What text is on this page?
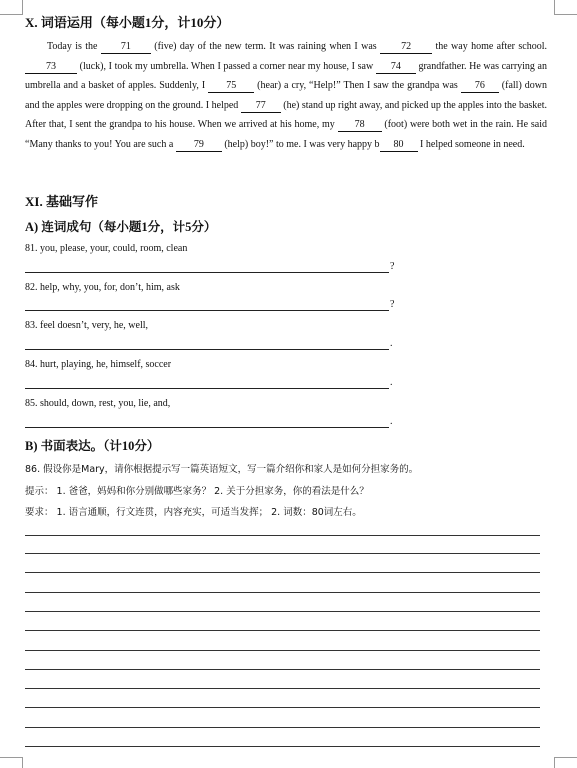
X. 词语运用（每小题1分，计10分）
Today is the 71 (five) day of the new term. It was raining when I was 72 the way home after school. 73 (luck), I took my umbrella. When I passed a corner near my house, I saw 74 grandfather. He was carrying an umbrella and a basket of apples. Suddenly, I 75 (hear) a cry, “Help!” Then I saw the grandpa was 76 (fall) down and the apples were dropping on the ground. I helped 77 (he) stand up right away, and picked up the apples into the basket. After that, I sent the grandpa to his house. When we arrived at his home, my 78 (foot) were both wet in the rain. He said “Many thanks to you! You are such a 79 (help) boy!” to me. I was very happy b 80 I helped someone in need.
XI. 基础写作
A) 连词成句（每小题1分，计5分）
81. you, please, your, could, room, clean
?
82. help, why, you, for, don’t, him, ask
?
83. feel doesn’t, very, he, well,
.
84. hurt, playing, he, himself, soccer
.
85. should, down, rest, you, lie, and,
.
B) 书面表达。（计10分）
86. 假设你是Mary，请你根据提示写一篇英语短文，写一篇介绍你和家人是如何分担家务的。
提示： 1. 爸爸，妈妈和你分别做哪些家务？ 2. 关于分担家务，你的看法是什么？
要求： 1. 语言通顺，行文连贯，内容充实，可适当发挥； 2. 词数：80词左右。
